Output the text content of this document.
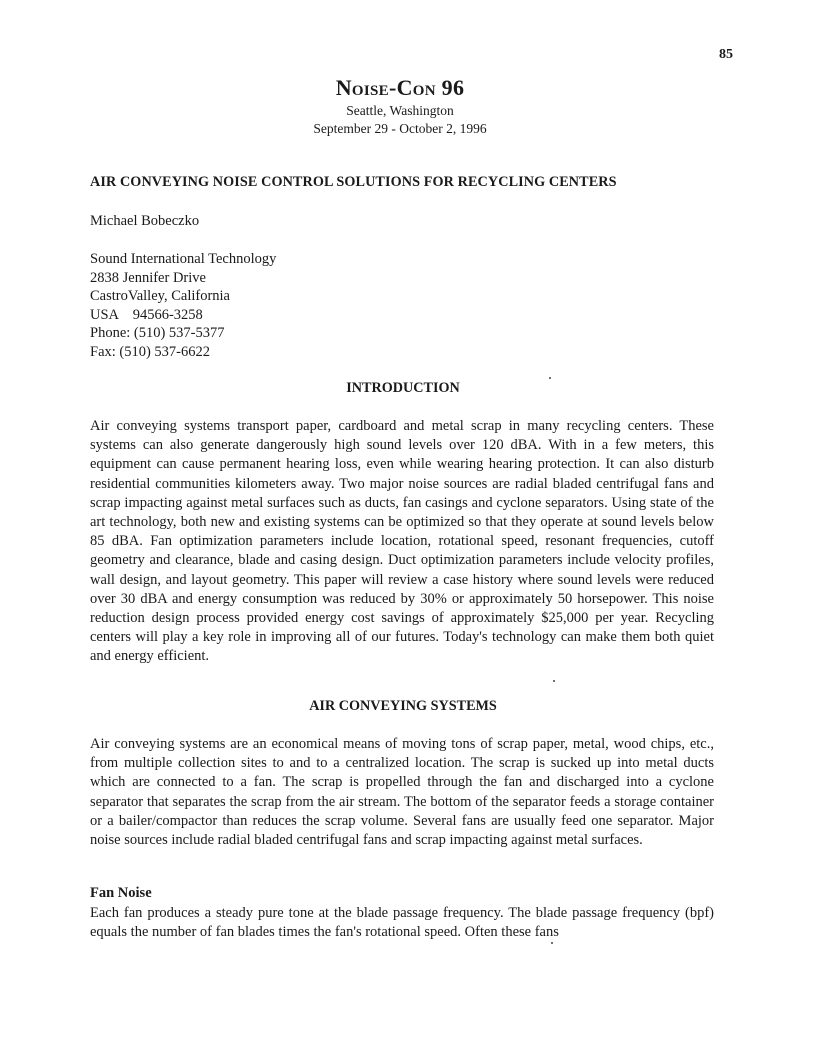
85
Noise-Con 96
Seattle, Washington
September 29 - October 2, 1996
AIR CONVEYING NOISE CONTROL SOLUTIONS FOR RECYCLING CENTERS
Michael Bobeczko
Sound International Technology
2838 Jennifer Drive
CastroValley, California
USA    94566-3258
Phone: (510) 537-5377
Fax: (510) 537-6622
INTRODUCTION
Air conveying systems transport paper, cardboard and metal scrap in many recycling centers. These systems can also generate dangerously high sound levels over 120 dBA. With in a few meters, this equipment can cause permanent hearing loss, even while wearing hearing protection. It can also disturb residential communities kilometers away. Two major noise sources are radial bladed centrifugal fans and scrap impacting against metal surfaces such as ducts, fan casings and cyclone separators. Using state of the art technology, both new and existing systems can be optimized so that they operate at sound levels below 85 dBA. Fan optimization parameters include location, rotational speed, resonant frequencies, cutoff geometry and clearance, blade and casing design. Duct optimization parameters include velocity profiles, wall design, and layout geometry. This paper will review a case history where sound levels were reduced over 30 dBA and energy consumption was reduced by 30% or approximately 50 horsepower. This noise reduction design process provided energy cost savings of approximately $25,000 per year. Recycling centers will play a key role in improving all of our futures. Today's technology can make them both quiet and energy efficient.
AIR CONVEYING SYSTEMS
Air conveying systems are an economical means of moving tons of scrap paper, metal, wood chips, etc., from multiple collection sites to and to a centralized location. The scrap is sucked up into metal ducts which are connected to a fan. The scrap is propelled through the fan and discharged into a cyclone separator that separates the scrap from the air stream. The bottom of the separator feeds a storage container or a bailer/compactor than reduces the scrap volume. Several fans are usually feed one separator. Major noise sources include radial bladed centrifugal fans and scrap impacting against metal surfaces.
Fan Noise
Each fan produces a steady pure tone at the blade passage frequency. The blade passage frequency (bpf) equals the number of fan blades times the fan's rotational speed. Often these fans
